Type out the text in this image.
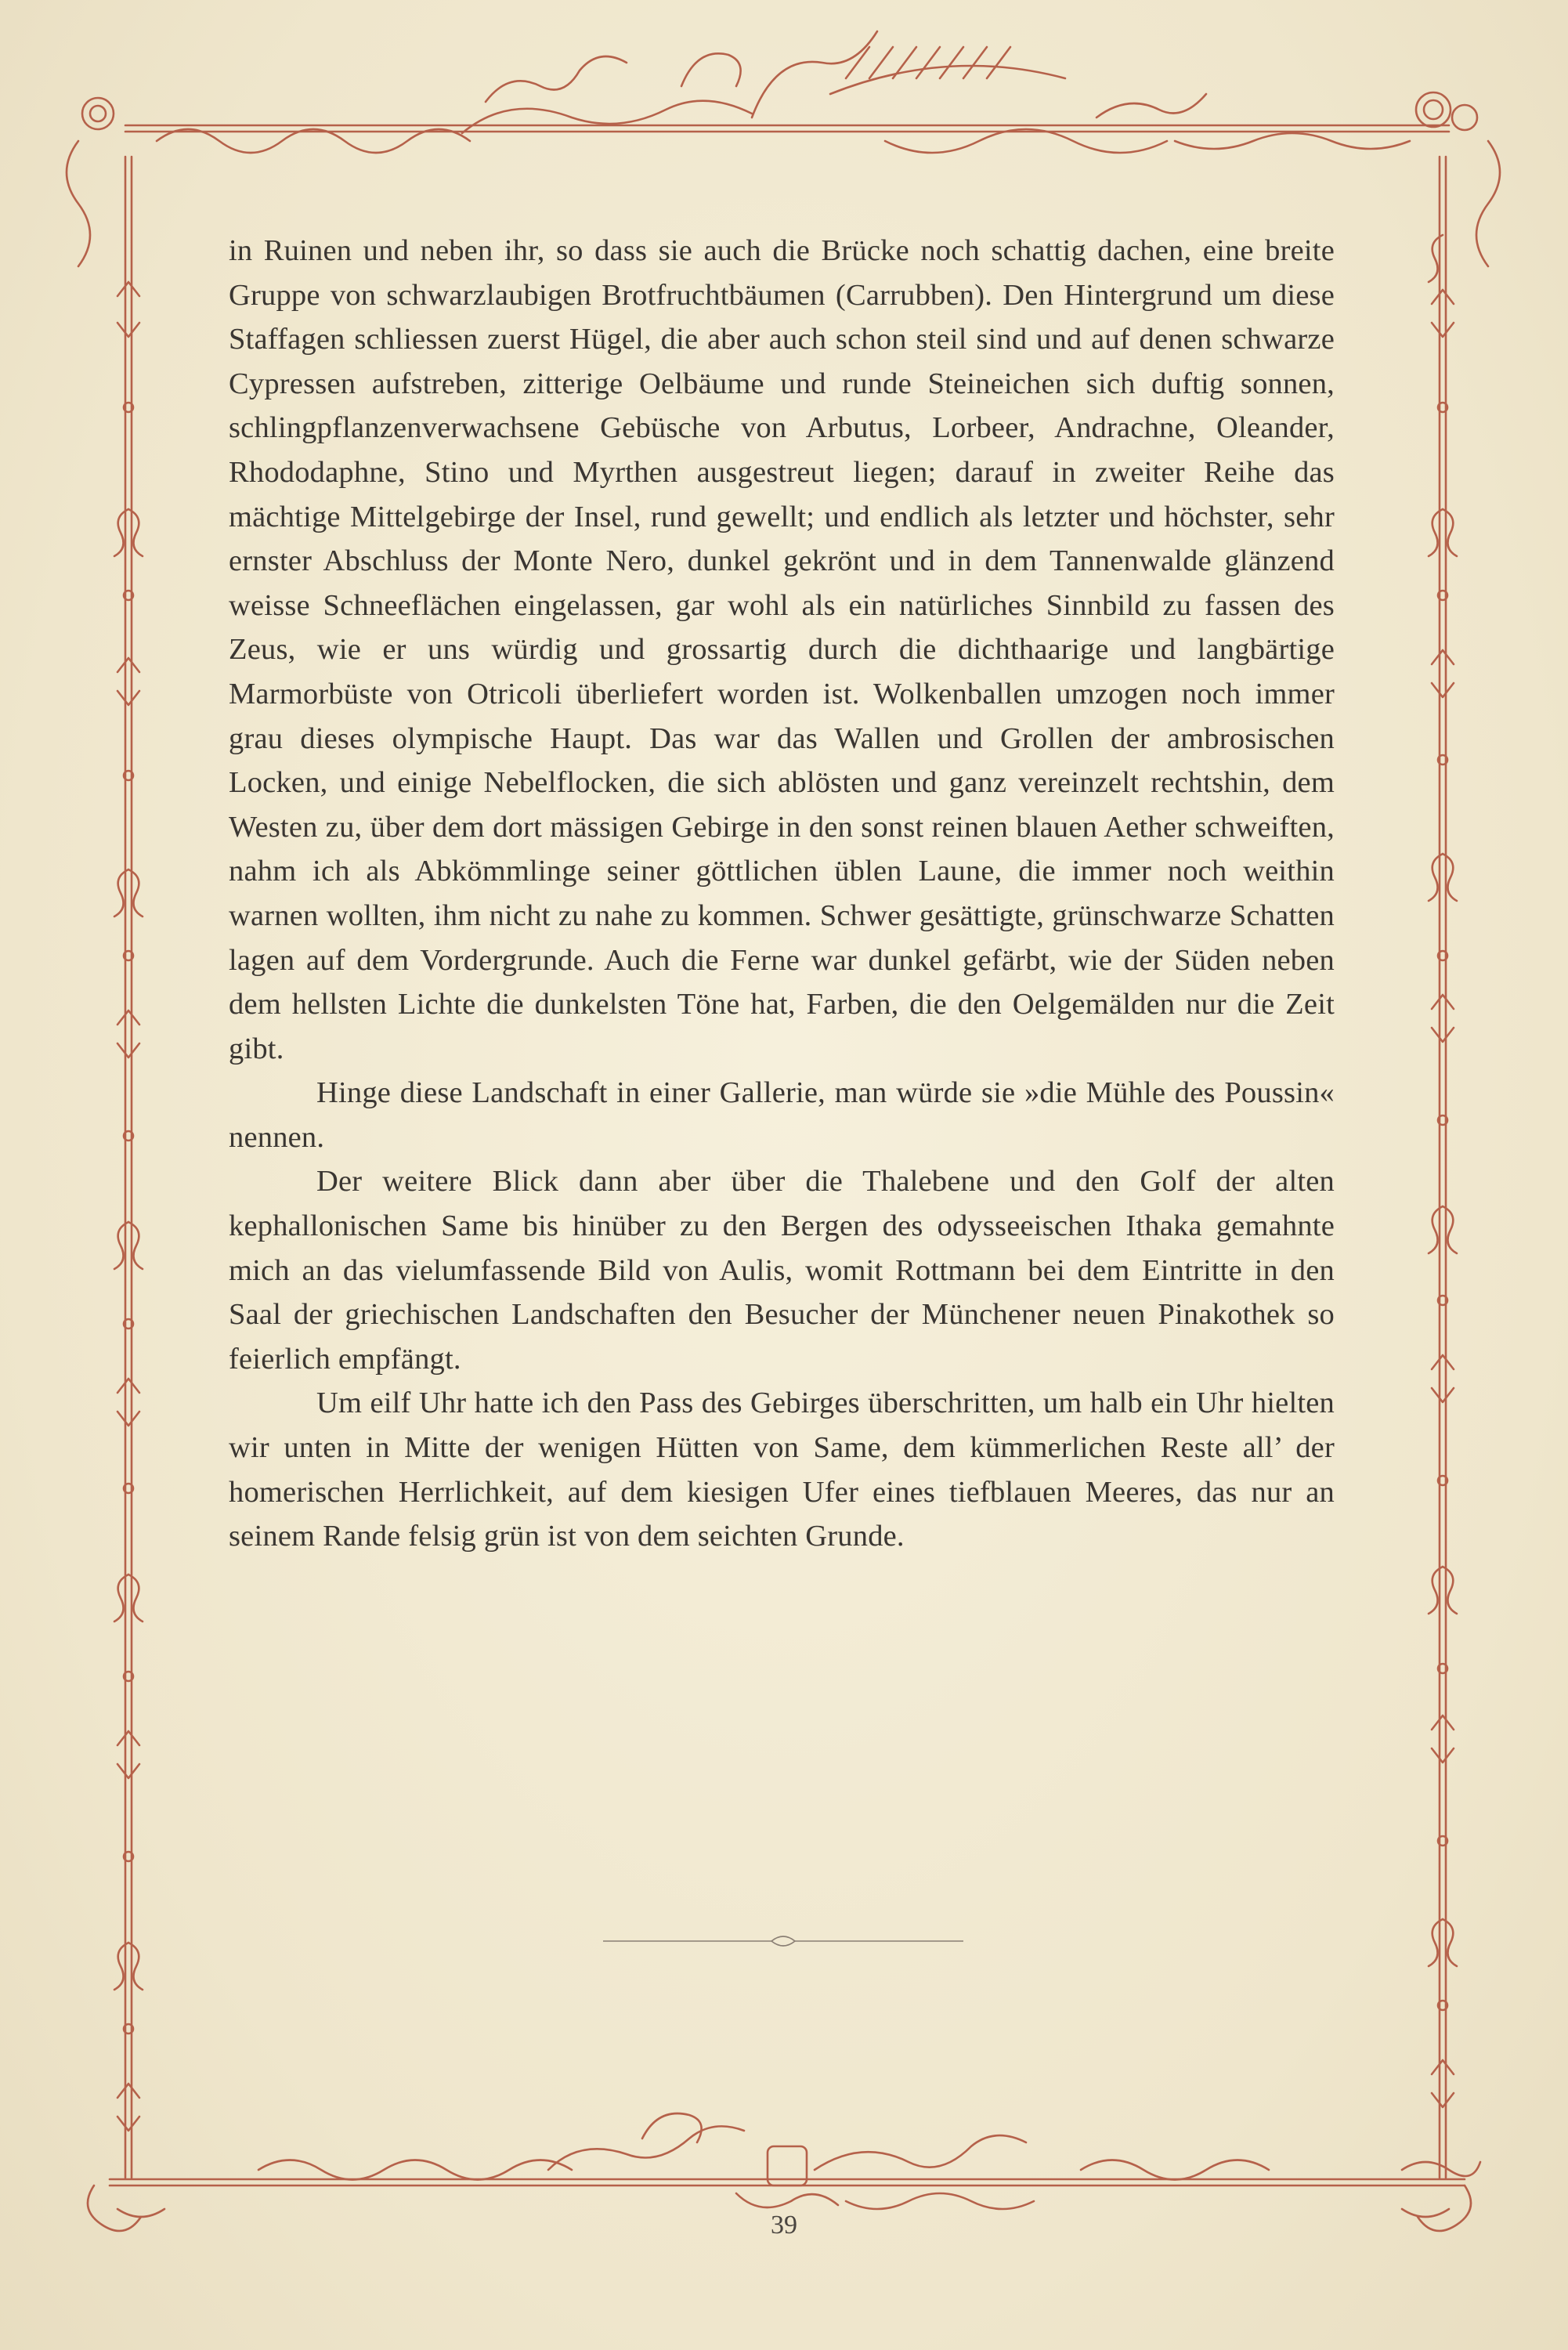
in Ruinen und neben ihr, so dass sie auch die Brücke noch schattig dachen, eine breite Gruppe von schwarzlaubigen Brotfruchtbäumen (Carrubben). Den Hintergrund um diese Staffagen schliessen zuerst Hügel, die aber auch schon steil sind und auf denen schwarze Cypressen aufstreben, zitterige Oelbäume und runde Steineichen sich duftig sonnen, schlingpflanzenverwachsene Gebüsche von Arbutus, Lorbeer, Andrachne, Oleander, Rhododaphne, Stino und Myrthen ausgestreut liegen; darauf in zweiter Reihe das mächtige Mittelgebirge der Insel, rund gewellt; und endlich als letzter und höchster, sehr ernster Abschluss der Monte Nero, dunkel gekrönt und in dem Tannenwalde glänzend weisse Schneeflächen eingelassen, gar wohl als ein natürliches Sinnbild zu fassen des Zeus, wie er uns würdig und grossartig durch die dichthaarige und langbärtige Marmorbüste von Otricoli überliefert worden ist. Wolkenballen umzogen noch immer grau dieses olympische Haupt. Das war das Wallen und Grollen der ambrosischen Locken, und einige Nebelflocken, die sich ablösten und ganz vereinzelt rechtshin, dem Westen zu, über dem dort mässigen Gebirge in den sonst reinen blauen Aether schweiften, nahm ich als Abkömmlinge seiner göttlichen üblen Laune, die immer noch weithin warnen wollten, ihm nicht zu nahe zu kommen. Schwer gesättigte, grünschwarze Schatten lagen auf dem Vordergrunde. Auch die Ferne war dunkel gefärbt, wie der Süden neben dem hellsten Lichte die dunkelsten Töne hat, Farben, die den Oelgemälden nur die Zeit gibt.

Hinge diese Landschaft in einer Gallerie, man würde sie »die Mühle des Poussin« nennen.

Der weitere Blick dann aber über die Thalebene und den Golf der alten kephallonischen Same bis hinüber zu den Bergen des odysseeischen Ithaka gemahnte mich an das vielumfassende Bild von Aulis, womit Rottmann bei dem Eintritte in den Saal der griechischen Landschaften den Besucher der Münchener neuen Pinakothek so feierlich empfängt.

Um eilf Uhr hatte ich den Pass des Gebirges überschritten, um halb ein Uhr hielten wir unten in Mitte der wenigen Hütten von Same, dem kümmerlichen Reste all’ der homerischen Herrlichkeit, auf dem kiesigen Ufer eines tiefblauen Meeres, das nur an seinem Rande felsig grün ist von dem seichten Grunde.

39
